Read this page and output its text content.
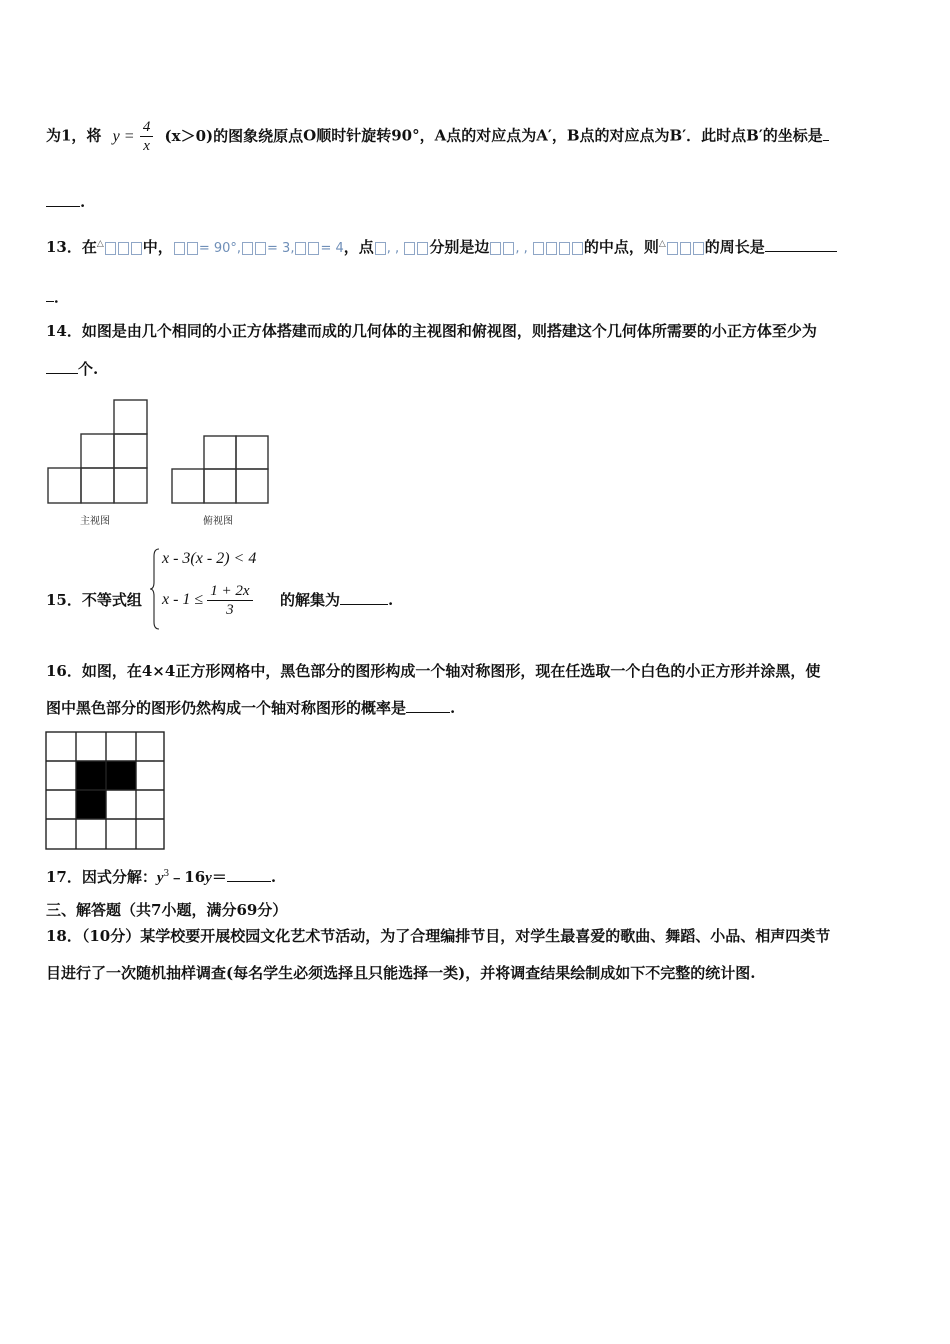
为1，将 $y = \frac{4}{x} (x>0)$的图象绕原点O顺时针旋转90°，A点的对应点为A′，B点的对应点为B′．此时点B′的坐标是
.
13．在△	中， = 90°, = 3, = 4，点 , , 分别是边 , ,	的中点，则△	的周长是
．
14．如图是由几个相同的小正方体搭建而成的几何体的主视图和俯视图，则搭建这个几何体所需要的小正方体至少为
个.
主视图	俯视图
15．不等式组
x - 3(x - 2) < 4
$x - 1 \le \frac{1 + 2x}{3}$ 的解集为	.
16．如图，在4×4正方形网格中，黑色部分的图形构成一个轴对称图形，现在任选取一个白色的小正方形并涂黑，使
图中黑色部分的图形仍然构成一个轴对称图形的概率是	.
17．因式分解：$y^3﹣16y=$	.
三、解答题（共7小题，满分69分）
18．（10分）某学校要开展校园文化艺术节活动，为了合理编排节目，对学生最喜爱的歌曲、舞蹈、小品、相声四类节
目进行了一次随机抽样调查(每名学生必须选择且只能选择一类)，并将调查结果绘制成如下不完整的统计图.
